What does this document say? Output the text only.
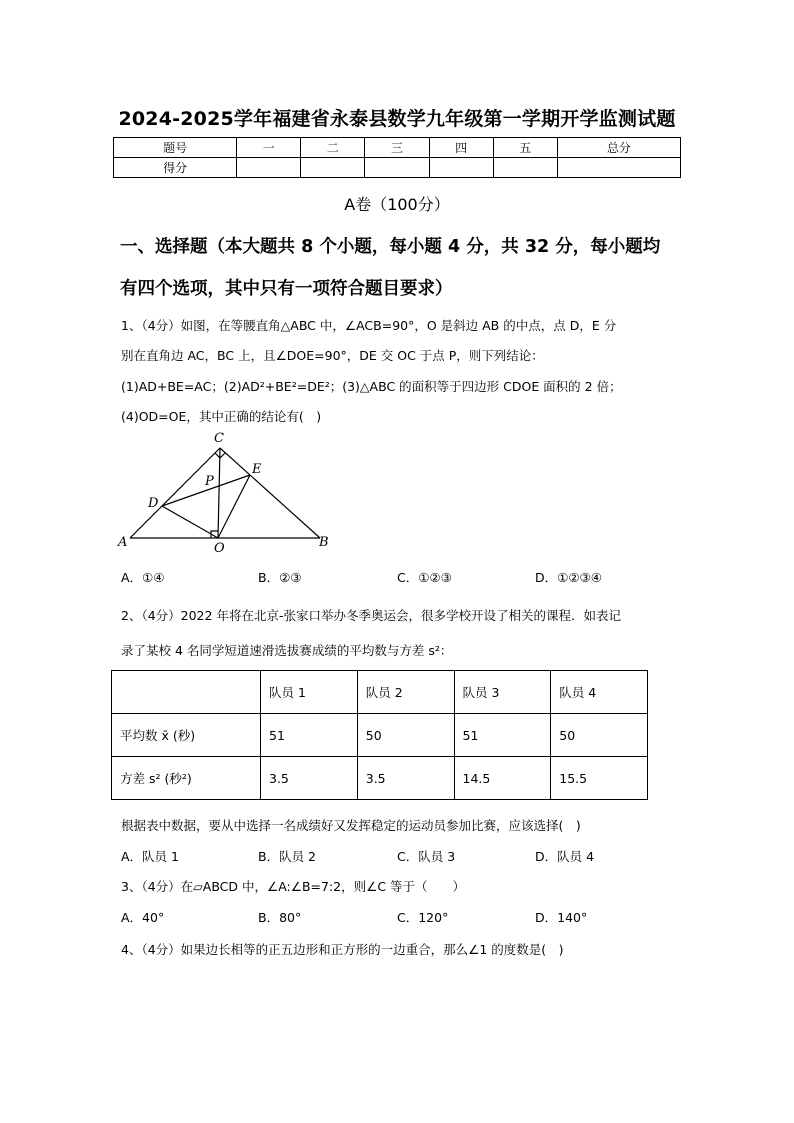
2024-2025学年福建省永泰县数学九年级第一学期开学监测试题
题号	一	二	三	四	五	总分
得分						
A卷（100分）
一、选择题（本大题共 8 个小题，每小题 4 分，共 32 分，每小题均
有四个选项，其中只有一项符合题目要求）
1、（4分）如图，在等腰直角△ABC 中，∠ACB=90°，O 是斜边 AB 的中点，点 D，E 分
别在直角边 AC，BC 上，且∠DOE=90°，DE 交 OC 于点 P，则下列结论：
(1)AD+BE=AC；(2)AD²+BE²=DE²；(3)△ABC 的面积等于四边形 CDOE 面积的 2 倍；
(4)OD=OE，其中正确的结论有(　)
C
E
P
D
A	O	B
A．①④	B．②③	C．①②③	D．①②③④
2、（4分）2022 年将在北京-张家口举办冬季奥运会，很多学校开设了相关的课程．如表记
录了某校 4 名同学短道速滑选拔赛成绩的平均数与方差 s²：
	队员 1	队员 2	队员 3	队员 4
平均数 x̄ (秒)	51	50	51	50
方差 s² (秒²)	3.5	3.5	14.5	15.5
根据表中数据，要从中选择一名成绩好又发挥稳定的运动员参加比赛，应该选择(　)
A．队员 1	B．队员 2	C．队员 3	D．队员 4
3、（4分）在▱ABCD 中，∠A:∠B=7:2，则∠C 等于（　　）
A．40°	B．80°	C．120°	D．140°
4、（4分）如果边长相等的正五边形和正方形的一边重合，那么∠1 的度数是(　)
